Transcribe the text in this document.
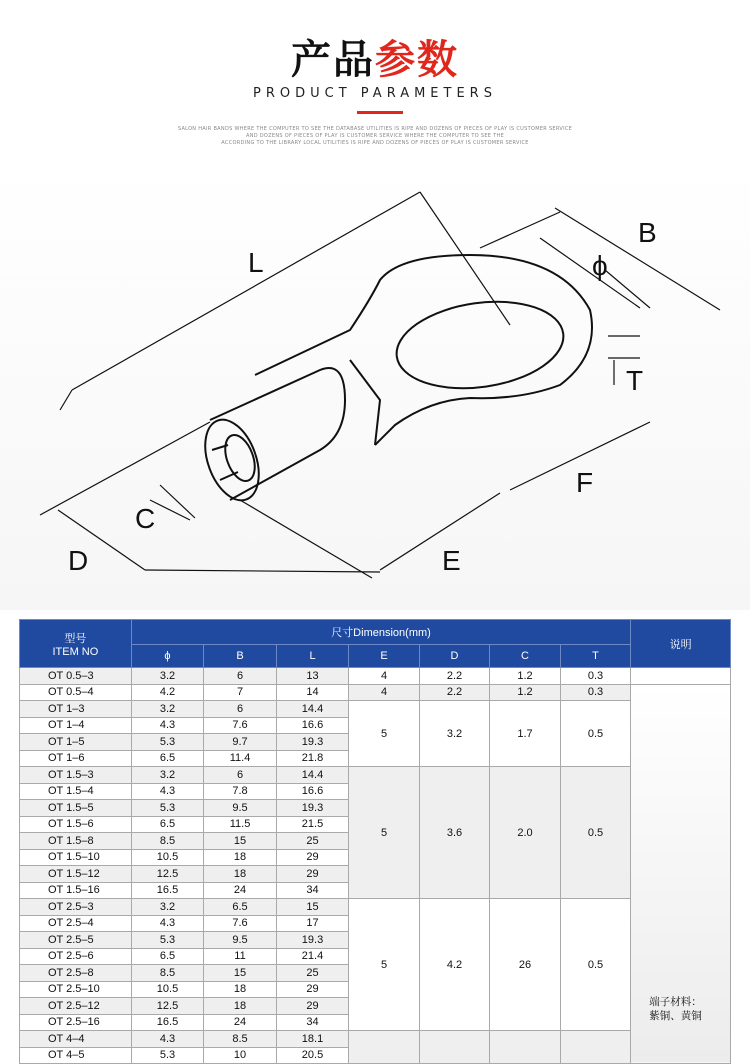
产品参数
PRODUCT PARAMETERS
SALON HAIR BANDS WHERE THE COMPUTER TO SEE THE DATABASE UTILITIES IS RIPE AND DOZENS OF PIECES OF PLAY IS CUSTOMER SERVICE
AND DOZENS OF PIECES OF PLAY IS CUSTOMER SERVICE WHERE THE COMPUTER TO SEE THE
ACCORDING TO THE LIBRARY LOCAL UTILITIES IS RIPE AND DOZENS OF PIECES OF PLAY IS CUSTOMER SERVICE
L
B
ϕ
T
F
C
D	E
型号
ITEM NO	尺寸Dimension(mm)							说明
	ϕ	B	L	E	D	C	T	
OT 0.5–3	3.2	6	13	4	2.2	1.2	0.3	
OT 0.5–4	4.2	7	14	4	2.2	1.2	0.3	端子材料：
紫铜、黄铜

OT 1–3	3.2	6	14.4	5	3.2	1.7	0.5	
OT 1–4	4.3	7.6	16.6					
OT 1–5	5.3	9.7	19.3					
OT 1–6	6.5	11.4	21.8					
OT 1.5–3	3.2	6	14.4	5	3.6	2.0	0.5	
OT 1.5–4	4.3	7.8	16.6					
OT 1.5–5	5.3	9.5	19.3					
OT 1.5–6	6.5	11.5	21.5					
OT 1.5–8	8.5	15	25					
OT 1.5–10	10.5	18	29					
OT 1.5–12	12.5	18	29					
OT 1.5–16	16.5	24	34					
OT 2.5–3	3.2	6.5	15	5	4.2	26	0.5	
OT 2.5–4	4.3	7.6	17					
OT 2.5–5	5.3	9.5	19.3					
OT 2.5–6	6.5	11	21.4					
OT 2.5–8	8.5	15	25					
OT 2.5–10	10.5	18	29					
OT 2.5–12	12.5	18	29					
OT 2.5–16	16.5	24	34					
OT 4–4	4.3	8.5	18.1					
OT 4–5	5.3	10	20.5					
